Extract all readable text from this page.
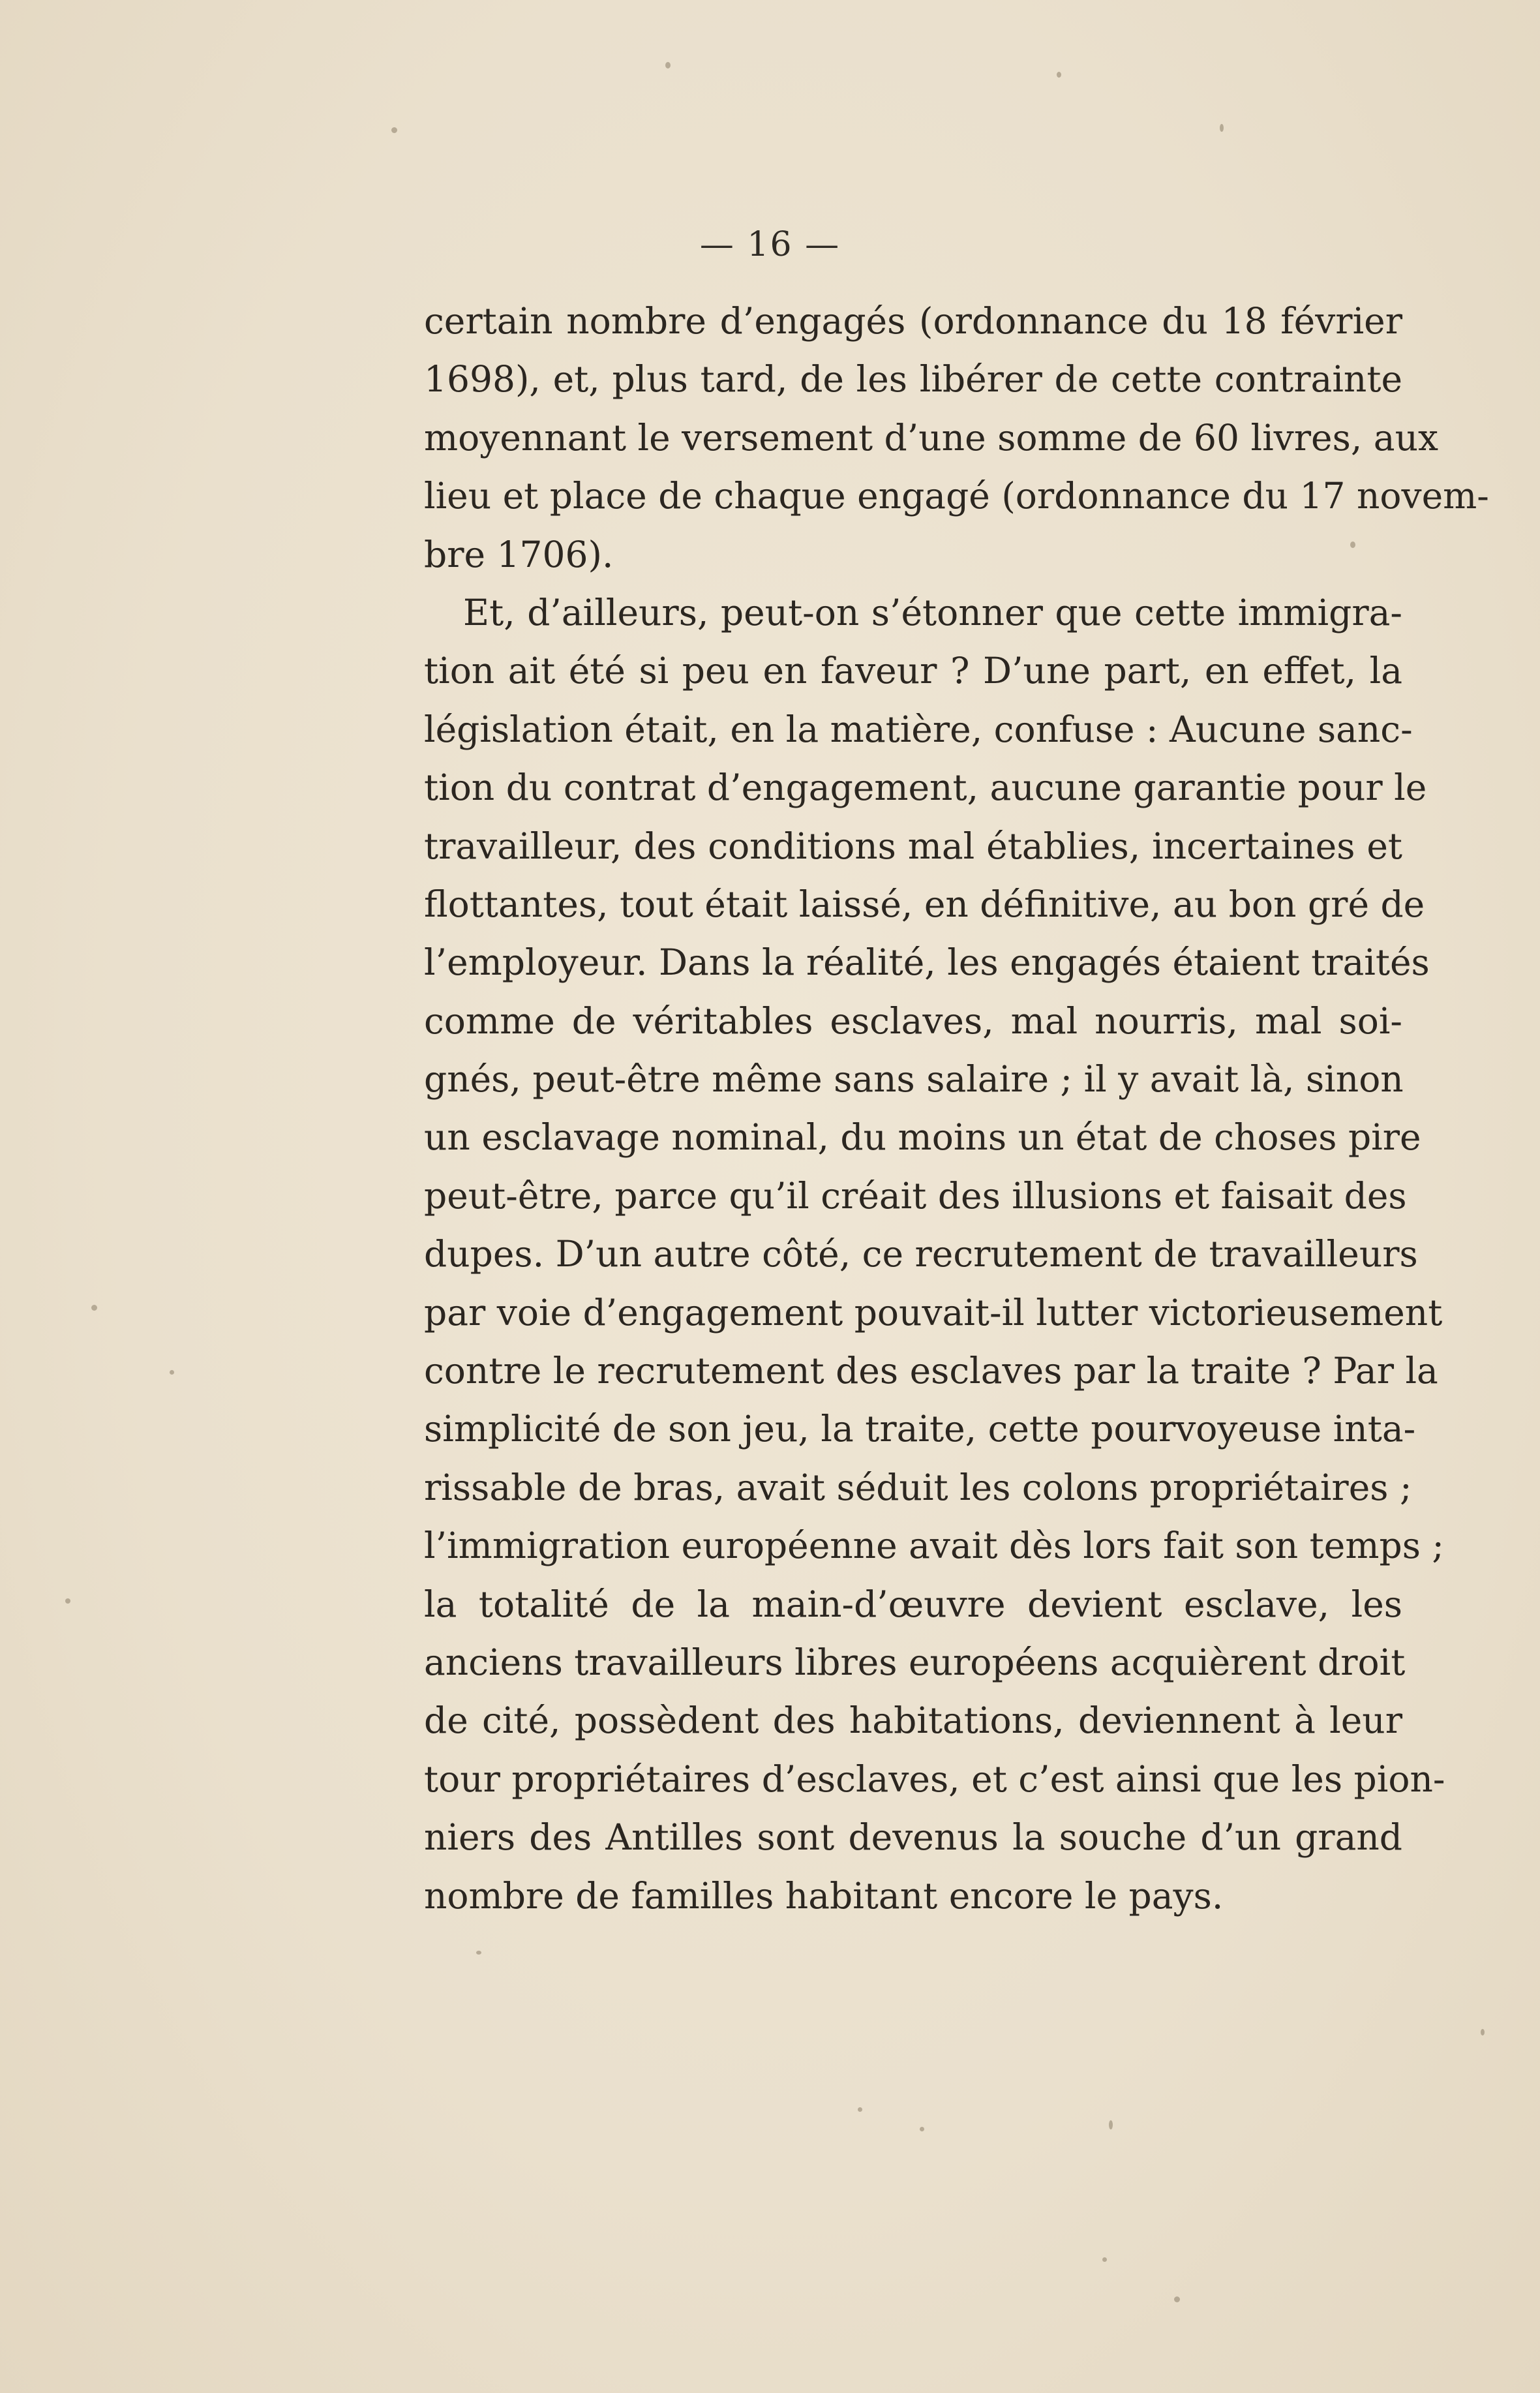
— 16 —
certain nombre d’engagés (ordonnance du 18 février
1698), et, plus tard, de les libérer de cette contrainte
moyennant le versement d’une somme de 60 livres, aux
lieu et place de chaque engagé (ordonnance du 17 novem-
bre 1706).
Et, d’ailleurs, peut-on s’étonner que cette immigra-
tion ait été si peu en faveur ? D’une part, en effet, la
législation était, en la matière, confuse : Aucune sanc-
tion du contrat d’engagement, aucune garantie pour le
travailleur, des conditions mal établies, incertaines et
flottantes, tout était laissé, en définitive, au bon gré de
l’employeur. Dans la réalité, les engagés étaient traités
comme de véritables esclaves, mal nourris, mal soi-
gnés, peut-être même sans salaire ; il y avait là, sinon
un esclavage nominal, du moins un état de choses pire
peut-être, parce qu’il créait des illusions et faisait des
dupes. D’un autre côté, ce recrutement de travailleurs
par voie d’engagement pouvait-il lutter victorieusement
contre le recrutement des esclaves par la traite ? Par la
simplicité de son jeu, la traite, cette pourvoyeuse inta-
rissable de bras, avait séduit les colons propriétaires ;
l’immigration européenne avait dès lors fait son temps ;
la totalité de la main-d’œuvre devient esclave, les
anciens travailleurs libres européens acquièrent droit
de cité, possèdent des habitations, deviennent à leur
tour propriétaires d’esclaves, et c’est ainsi que les pion-
niers des Antilles sont devenus la souche d’un grand
nombre de familles habitant encore le pays.
